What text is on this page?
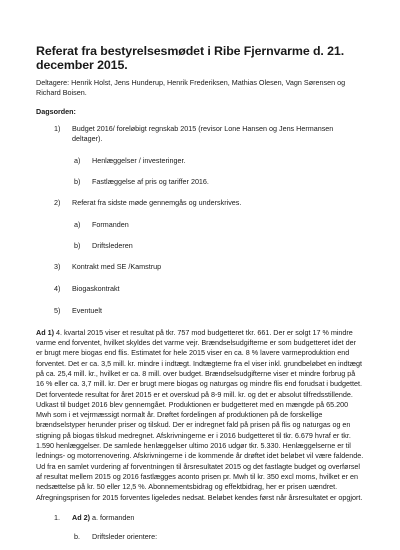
Referat fra bestyrelsesmødet i Ribe Fjernvarme d. 21. december 2015.

Deltagere: Henrik Holst, Jens Hunderup, Henrik Frederiksen, Mathias Olesen, Vagn Sørensen og Richard Boisen.

Dagsorden:
1)	Budget 2016/ foreløbigt regnskab 2015 (revisor Lone Hansen og Jens Hermansen deltager).
a)	Henlæggelser / investeringer.
b)	Fastlæggelse af pris og tariffer 2016.
2)	Referat fra sidste møde gennemgås og underskrives.
a)	Formanden
b)	Driftslederen
3)	Kontrakt med SE /Kamstrup
4)	Biogaskontrakt
5)	Eventuelt

Ad 1) 4. kvartal 2015 viser et resultat på tkr. 757 mod budgetteret tkr. 661. Der er solgt 17 % mindre varme end forventet, hvilket skyldes det varme vejr. Brændselsudgifterne er som budgetteret idet der er brugt mere biogas end flis. Estimatet for hele 2015 viser en ca. 8 % lavere varmeproduktion end forventet. Det er ca. 3,5 mill. kr. mindre i indtægt. Indtægterne fra el viser inkl. grundbeløbet en indtægt på ca. 25,4 mill. kr., hvilket er ca. 8 mill. over budget. Brændselsudgifterne viser et mindre forbrug på 16 % eller ca. 3,7 mill. kr. Der er brugt mere biogas og naturgas og mindre flis end forudsat i budgettet. Det forventede resultat for året 2015 er et overskud på 8-9 mill. kr. og det er absolut tilfredsstillende. Udkast til budget 2016 blev gennemgået. Produktionen er budgetteret med en mængde på 65.200 Mwh som i et vejrmæssigt normalt år. Drøftet fordelingen af produktionen på de forskellige brændselstyper herunder priser og tilskud. Der er indregnet fald på prisen på flis og naturgas og en stigning på biogas tilskud medregnet. Afskrivningerne er i 2016 budgetteret til tkr. 6.679 hvraf er tkr. 1.590 henlæggelser. De samlede henlæggelser ultimo 2016 udgør tkr. 5.330. Henlæggelserne er til lednings- og motorrenovering. Afskrivningerne i de kommende år drøftet idet beløbet vil være faldende. Ud fra en samlet vurdering af forventningen til årsresultatet 2015 og det fastlagte budget og overførsel af resultat mellem 2015 og 2016 fastlægges aconto prisen pr. Mwh til kr. 350 excl moms, hvilket er en nedsættelse på kr. 50 eller 12,5 %. Abonnementsbidrag og effektbidrag, her er prisen uændret. Afregningsprisen for 2015 forventes ligeledes nedsat. Beløbet kendes først når årsresultatet er opgjort.

1.	Ad 2) a. formanden
b.	Driftsleder orientere:
